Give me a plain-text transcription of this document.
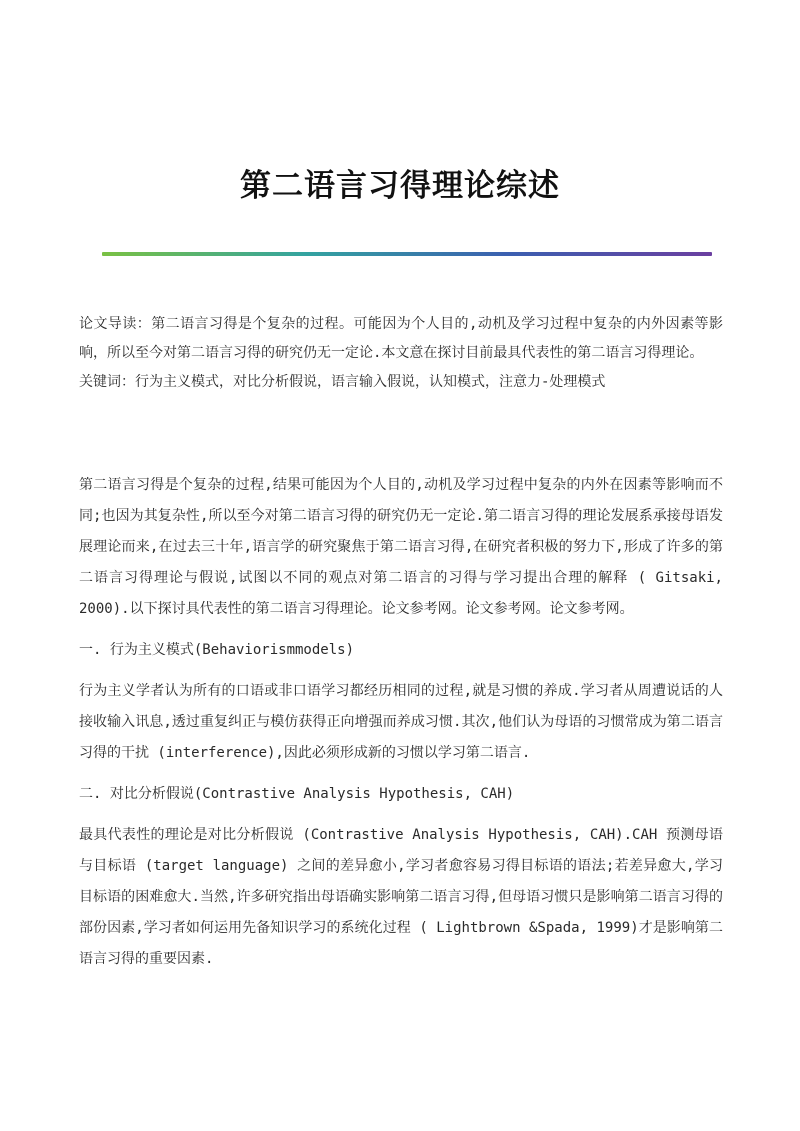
第二语言习得理论综述

论文导读：第二语言习得是个复杂的过程。可能因为个人目的,动机及学习过程中复杂的内外因素等影响，所以至今对第二语言习得的研究仍无一定论.本文意在探讨目前最具代表性的第二语言习得理论。

关键词：行为主义模式，对比分析假说，语言输入假说，认知模式，注意力-处理模式

第二语言习得是个复杂的过程,结果可能因为个人目的,动机及学习过程中复杂的内外在因素等影响而不同;也因为其复杂性,所以至今对第二语言习得的研究仍无一定论.第二语言习得的理论发展系承接母语发展理论而来,在过去三十年,语言学的研究聚焦于第二语言习得,在研究者积极的努力下,形成了许多的第二语言习得理论与假说,试图以不同的观点对第二语言的习得与学习提出合理的解释 ( Gitsaki, 2000).以下探讨具代表性的第二语言习得理论。论文参考网。论文参考网。论文参考网。

一. 行为主义模式(Behaviorismmodels)

行为主义学者认为所有的口语或非口语学习都经历相同的过程,就是习惯的养成.学习者从周遭说话的人接收输入讯息,透过重复纠正与模仿获得正向增强而养成习惯.其次,他们认为母语的习惯常成为第二语言习得的干扰 (interference),因此必须形成新的习惯以学习第二语言.

二. 对比分析假说(Contrastive Analysis Hypothesis, CAH)

最具代表性的理论是对比分析假说 (Contrastive Analysis Hypothesis, CAH).CAH 预测母语与目标语 (target language) 之间的差异愈小,学习者愈容易习得目标语的语法;若差异愈大,学习目标语的困难愈大.当然,许多研究指出母语确实影响第二语言习得,但母语习惯只是影响第二语言习得的部份因素,学习者如何运用先备知识学习的系统化过程 ( Lightbrown &Spada, 1999)才是影响第二语言习得的重要因素.
